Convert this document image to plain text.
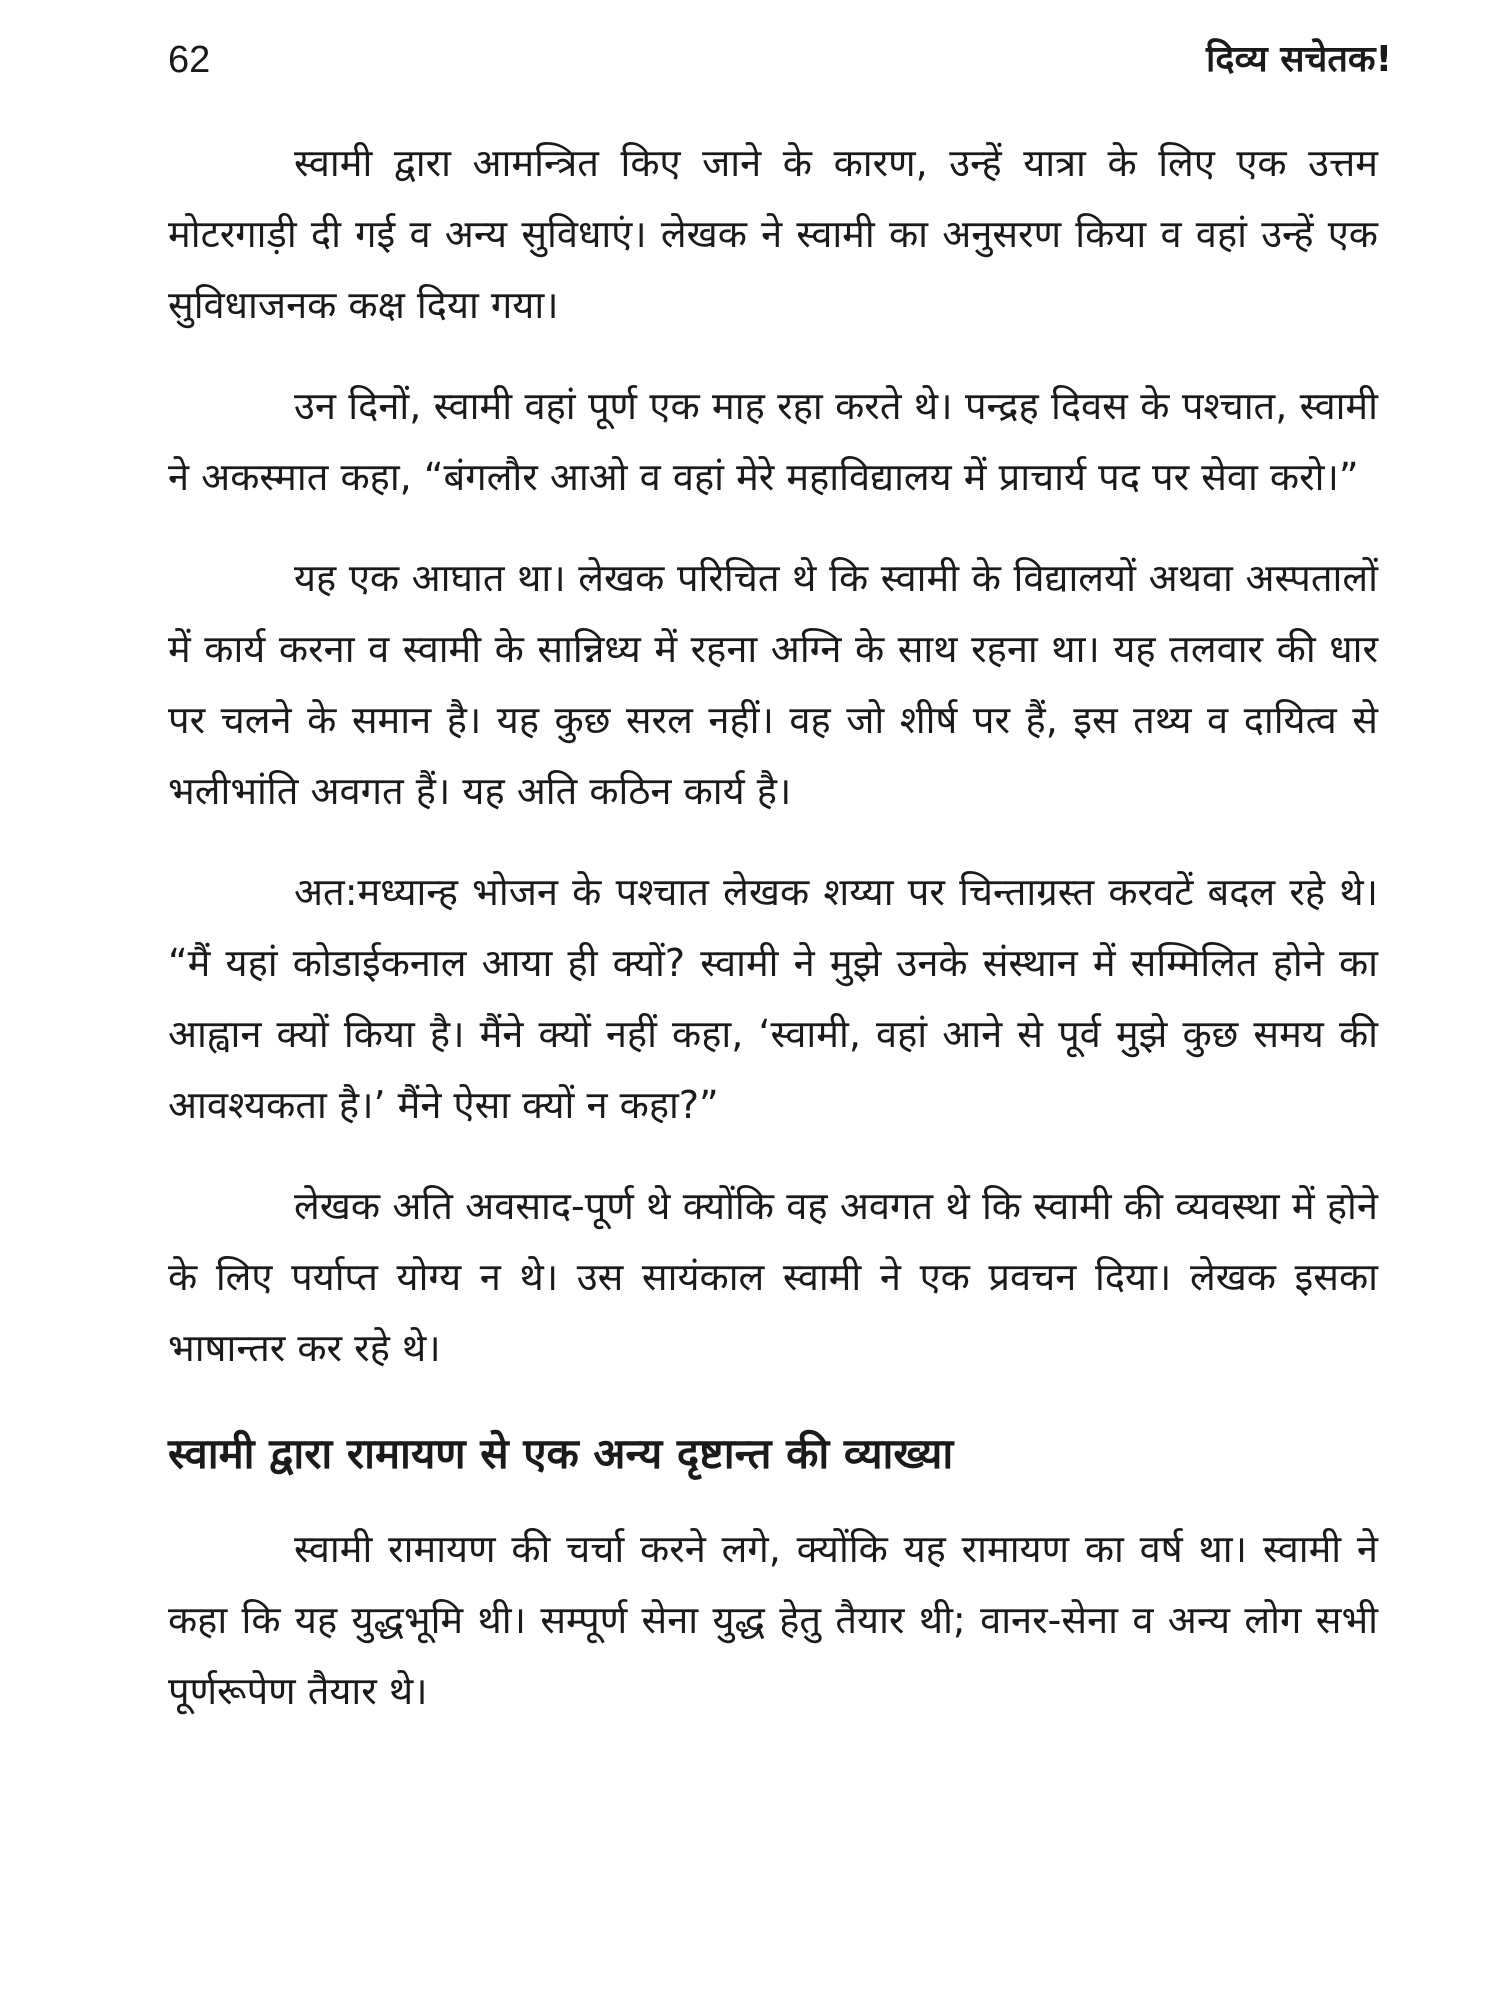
62	दिव्य सचेतक!

स्वामी द्वारा आमन्त्रित किए जाने के कारण, उन्हें यात्रा के लिए एक उत्तम मोटरगाड़ी दी गई व अन्य सुविधाएं। लेखक ने स्वामी का अनुसरण किया व वहां उन्हें एक सुविधाजनक कक्ष दिया गया।

उन दिनों, स्वामी वहां पूर्ण एक माह रहा करते थे। पन्द्रह दिवस के पश्चात, स्वामी ने अकस्मात कहा, “बंगलौर आओ व वहां मेरे महाविद्यालय में प्राचार्य पद पर सेवा करो।”

यह एक आघात था। लेखक परिचित थे कि स्वामी के विद्यालयों अथवा अस्पतालों में कार्य करना व स्वामी के सान्निध्य में रहना अग्नि के साथ रहना था। यह तलवार की धार पर चलने के समान है। यह कुछ सरल नहीं। वह जो शीर्ष पर हैं, इस तथ्य व दायित्व से भलीभांति अवगत हैं। यह अति कठिन कार्य है।

अत:मध्यान्ह भोजन के पश्चात लेखक शय्या पर चिन्ताग्रस्त करवटें बदल रहे थे। “मैं यहां कोडाईकनाल आया ही क्यों? स्वामी ने मुझे उनके संस्थान में सम्मिलित होने का आह्वान क्यों किया है। मैंने क्यों नहीं कहा, ‘स्वामी, वहां आने से पूर्व मुझे कुछ समय की आवश्यकता है।’ मैंने ऐसा क्यों न कहा?”

लेखक अति अवसाद-पूर्ण थे क्योंकि वह अवगत थे कि स्वामी की व्यवस्था में होने के लिए पर्याप्त योग्य न थे। उस सायंकाल स्वामी ने एक प्रवचन दिया। लेखक इसका भाषान्तर कर रहे थे।

स्वामी द्वारा रामायण से एक अन्य दृष्टान्त की व्याख्या

स्वामी रामायण की चर्चा करने लगे, क्योंकि यह रामायण का वर्ष था। स्वामी ने कहा कि यह युद्धभूमि थी। सम्पूर्ण सेना युद्ध हेतु तैयार थी; वानर-सेना व अन्य लोग सभी पूर्णरूपेण तैयार थे।
